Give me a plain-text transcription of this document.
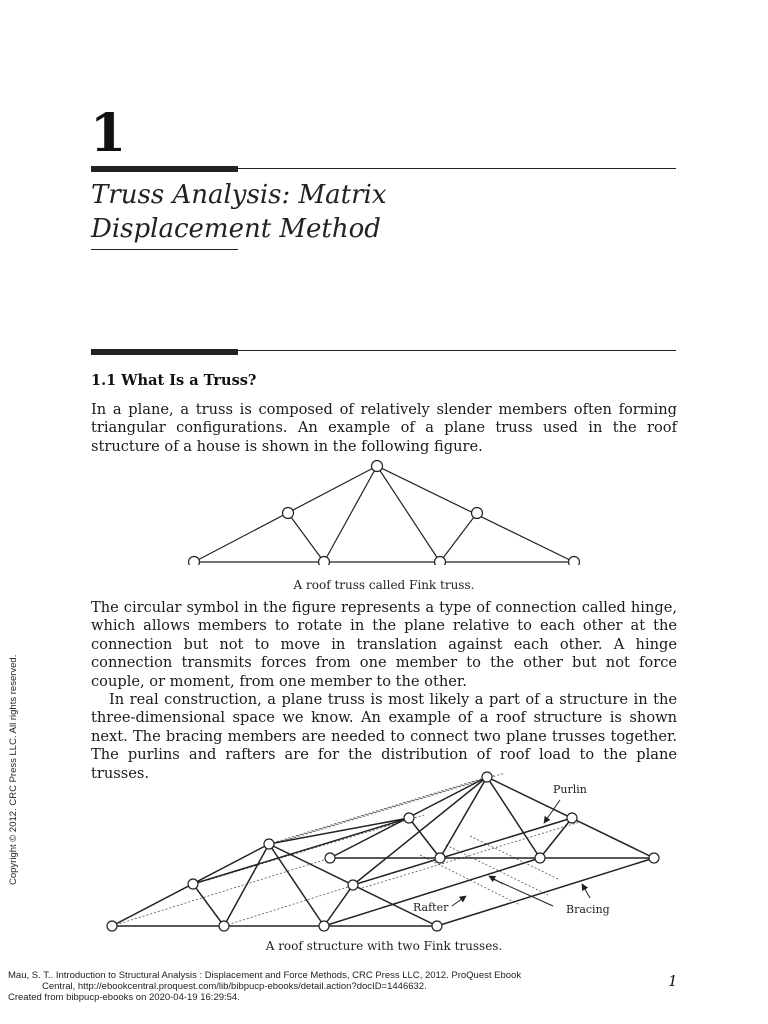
1
Truss Analysis: Matrix
Displacement Method
1.1 What Is a Truss?
In a plane, a truss is composed of relatively slender members often forming triangular configurations. An example of a plane truss used in the roof structure of a house is shown in the following figure.
A roof truss called Fink truss.
The circular symbol in the figure represents a type of connection called hinge, which allows members to rotate in the plane relative to each other at the connection but not to move in translation against each other. A hinge connection transmits forces from one member to the other but not force couple, or moment, from one member to the other.
In real construction, a plane truss is most likely a part of a structure in the three-dimensional space we know. An example of a roof structure is shown next. The bracing members are needed to connect two plane trusses together. The purlins and rafters are for the distribution of roof load to the plane trusses.
Purlin
Rafter	Bracing
A roof structure with two Fink trusses.
Copyright © 2012. CRC Press LLC. All rights reserved.
Mau, S. T.. Introduction to Structural Analysis : Displacement and Force Methods, CRC Press LLC, 2012. ProQuest Ebook
Central, http://ebookcentral.proquest.com/lib/bibpucp-ebooks/detail.action?docID=1446632.
Created from bibpucp-ebooks on 2020-04-19 16:29:54.
1
